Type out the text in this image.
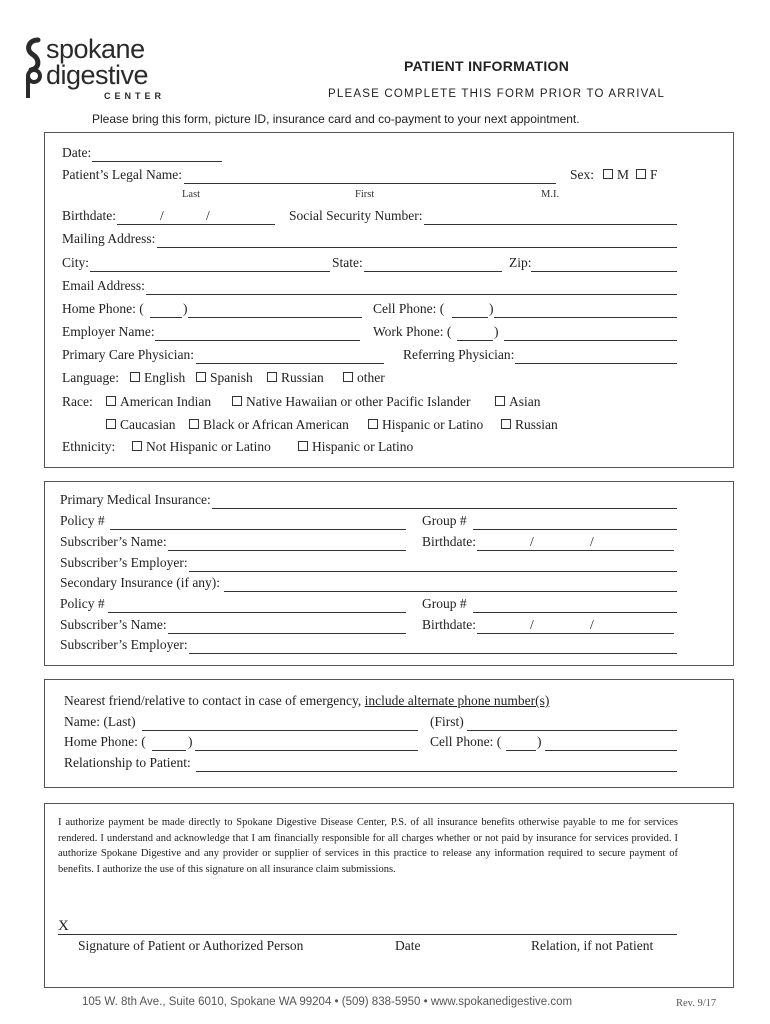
spokane
digestive
CENTER
PATIENT INFORMATION
PLEASE COMPLETE THIS FORM PRIOR TO ARRIVAL
Please bring this form, picture ID, insurance card and co-payment to your next appointment.
Date:
Patient’s Legal Name:	Sex:	M	F
Last	First	M.I.
Birthdate:	/	/	Social Security Number:
Mailing Address:
City:	State:	Zip:
Email Address:
Home Phone: (	)	Cell Phone: (	)
Employer Name:	Work Phone: (	)
Primary Care Physician:	Referring Physician:
Language:	English	Spanish	Russian	other
Race:	American Indian	Native Hawaiian or other Pacific Islander	Asian
Caucasian	Black or African American	Hispanic or Latino	Russian
Ethnicity:	Not Hispanic or Latino	Hispanic or Latino
Primary Medical Insurance:
Policy #	Group #
Subscriber’s Name:	Birthdate:	/	/
Subscriber’s Employer:
Secondary Insurance (if any):
Policy #	Group #
Subscriber’s Name:	Birthdate:	/	/
Subscriber’s Employer:
Nearest friend/relative to contact in case of emergency, include alternate phone number(s)
Name: (Last)	(First)
Home Phone: (	)	Cell Phone: (	)
Relationship to Patient:
I authorize payment be made directly to Spokane Digestive Disease Center, P.S. of all insurance benefits otherwise payable to me for services rendered. I understand and acknowledge that I am financially responsible for all charges whether or not paid by insurance for services provided. I authorize Spokane Digestive and any provider or supplier of services in this practice to release any information required to secure payment of benefits. I authorize the use of this signature on all insurance claim submissions.
X
Signature of Patient or Authorized Person	Date	Relation, if not Patient
105 W. 8th Ave., Suite 6010, Spokane WA 99204 • (509) 838-5950 • www.spokanedigestive.com	Rev. 9/17
